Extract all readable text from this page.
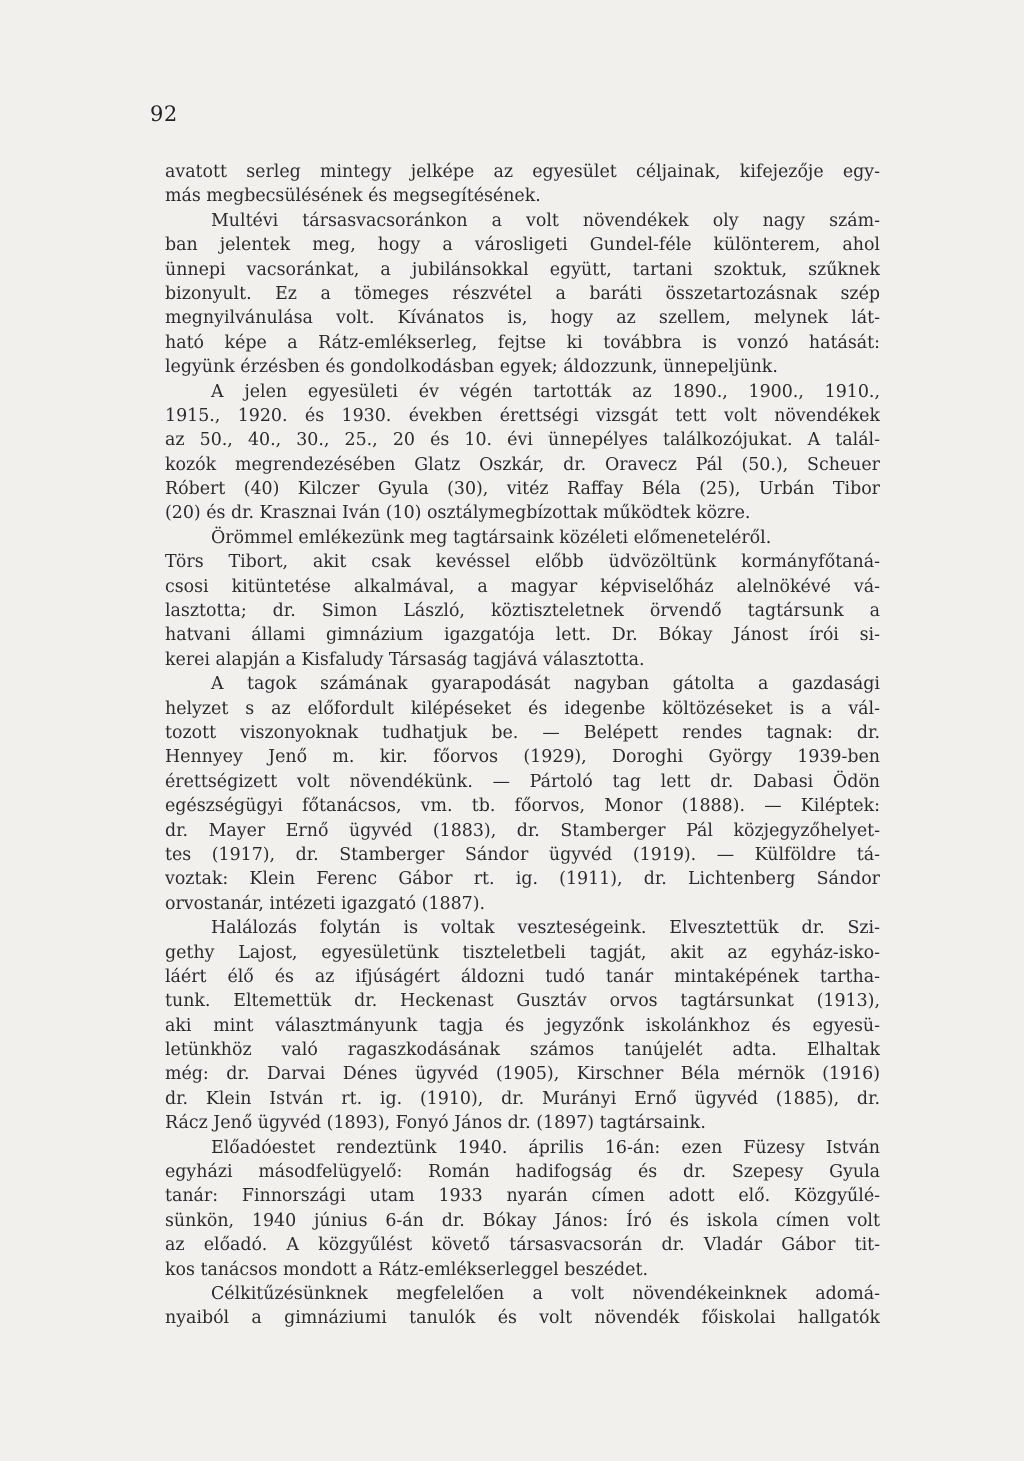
92
avatott serleg mintegy jelképe az egyesület céljainak, kifejezője egy-
más megbecsülésének és megsegítésének.
Multévi társasvacsoránkon a volt növendékek oly nagy szám-
ban jelentek meg, hogy a városligeti Gundel-féle különterem, ahol
ünnepi vacsoránkat, a jubilánsokkal együtt, tartani szoktuk, szűknek
bizonyult. Ez a tömeges részvétel a baráti összetartozásnak szép
megnyilvánulása volt. Kívánatos is, hogy az szellem, melynek lát-
ható képe a Rátz-emlékserleg, fejtse ki továbbra is vonzó hatását:
legyünk érzésben és gondolkodásban egyek; áldozzunk, ünnepeljünk.
A jelen egyesületi év végén tartották az 1890., 1900., 1910.,
1915., 1920. és 1930. években érettségi vizsgát tett volt növendékek
az 50., 40., 30., 25., 20 és 10. évi ünnepélyes találkozójukat. A talál-
kozók megrendezésében Glatz Oszkár, dr. Oravecz Pál (50.), Scheuer
Róbert (40) Kilczer Gyula (30), vitéz Raffay Béla (25), Urbán Tibor
(20) és dr. Krasznai Iván (10) osztálymegbízottak működtek közre.
Örömmel emlékezünk meg tagtársaink közéleti előmeneteléről.
Törs Tibort, akit csak kevéssel előbb üdvözöltünk kormányfőtaná-
csosi kitüntetése alkalmával, a magyar képviselőház alelnökévé vá-
lasztotta; dr. Simon László, köztiszteletnek örvendő tagtársunk a
hatvani állami gimnázium igazgatója lett. Dr. Bókay Jánost írói si-
kerei alapján a Kisfaludy Társaság tagjává választotta.
A tagok számának gyarapodását nagyban gátolta a gazdasági
helyzet s az előfordult kilépéseket és idegenbe költözéseket is a vál-
tozott viszonyoknak tudhatjuk be. — Belépett rendes tagnak: dr.
Hennyey Jenő m. kir. főorvos (1929), Doroghi György 1939-ben
érettségizett volt növendékünk. — Pártoló tag lett dr. Dabasi Ödön
egészségügyi főtanácsos, vm. tb. főorvos, Monor (1888). — Kiléptek:
dr. Mayer Ernő ügyvéd (1883), dr. Stamberger Pál közjegyzőhelyet-
tes (1917), dr. Stamberger Sándor ügyvéd (1919). — Külföldre tá-
voztak: Klein Ferenc Gábor rt. ig. (1911), dr. Lichtenberg Sándor
orvostanár, intézeti igazgató (1887).
Halálozás folytán is voltak veszteségeink. Elvesztettük dr. Szi-
gethy Lajost, egyesületünk tiszteletbeli tagját, akit az egyház-isko-
láért élő és az ifjúságért áldozni tudó tanár mintaképének tartha-
tunk. Eltemettük dr. Heckenast Gusztáv orvos tagtársunkat (1913),
aki mint választmányunk tagja és jegyzőnk iskolánkhoz és egyesü-
letünkhöz való ragaszkodásának számos tanújelét adta. Elhaltak
még: dr. Darvai Dénes ügyvéd (1905), Kirschner Béla mérnök (1916)
dr. Klein István rt. ig. (1910), dr. Murányi Ernő ügyvéd (1885), dr.
Rácz Jenő ügyvéd (1893), Fonyó János dr. (1897) tagtársaink.
Előadóestet rendeztünk 1940. április 16-án: ezen Füzesy István
egyházi másodfelügyelő: Román hadifogság és dr. Szepesy Gyula
tanár: Finnországi utam 1933 nyarán címen adott elő. Közgyűlé-
sünkön, 1940 június 6-án dr. Bókay János: Író és iskola címen volt
az előadó. A közgyűlést követő társasvacsorán dr. Vladár Gábor tit-
kos tanácsos mondott a Rátz-emlékserleggel beszédet.
Célkitűzésünknek megfelelően a volt növendékeinknek adomá-
nyaiból a gimnáziumi tanulók és volt növendék főiskolai hallgatók
